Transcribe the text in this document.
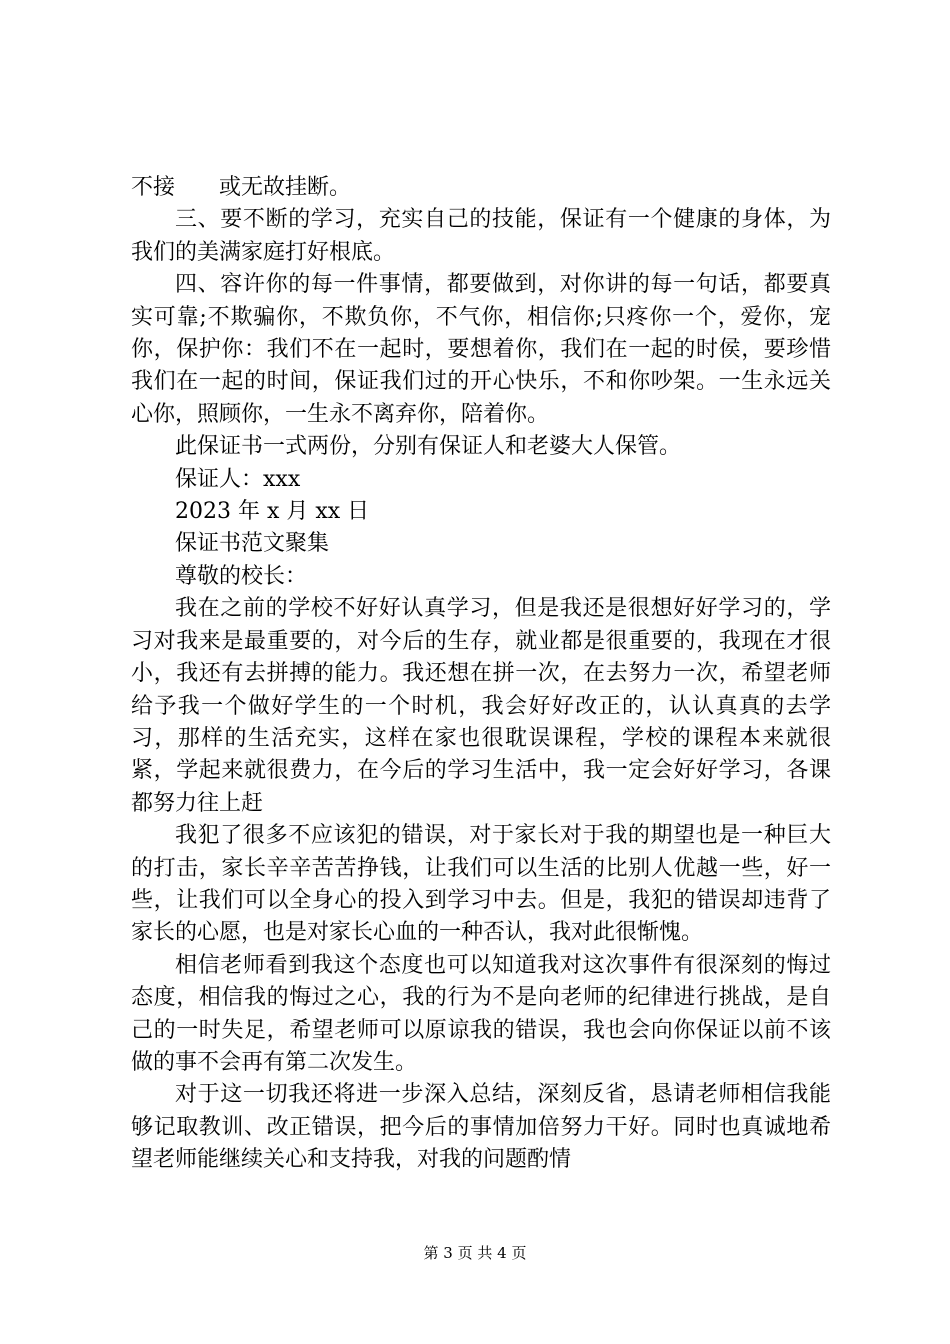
不接　　或无故挂断。

三、要不断的学习，充实自己的技能，保证有一个健康的身体，为我们的美满家庭打好根底。

四、容许你的每一件事情，都要做到，对你讲的每一句话，都要真实可靠;不欺骗你，不欺负你，不气你，相信你;只疼你一个，爱你，宠你，保护你：我们不在一起时，要想着你，我们在一起的时侯，要珍惜我们在一起的时间，保证我们过的开心快乐，不和你吵架。一生永远关心你，照顾你，一生永不离弃你，陪着你。

此保证书一式两份，分别有保证人和老婆大人保管。

保证人：xxx

2023 年 x 月 xx 日

保证书范文聚集

尊敬的校长：

我在之前的学校不好好认真学习，但是我还是很想好好学习的，学习对我来是最重要的，对今后的生存，就业都是很重要的，我现在才很小，我还有去拼搏的能力。我还想在拼一次，在去努力一次，希望老师给予我一个做好学生的一个时机，我会好好改正的，认认真真的去学习，那样的生活充实，这样在家也很耽误课程，学校的课程本来就很紧，学起来就很费力，在今后的学习生活中，我一定会好好学习，各课都努力往上赶

我犯了很多不应该犯的错误，对于家长对于我的期望也是一种巨大的打击，家长辛辛苦苦挣钱，让我们可以生活的比别人优越一些，好一些，让我们可以全身心的投入到学习中去。但是，我犯的错误却违背了家长的心愿，也是对家长心血的一种否认，我对此很惭愧。

相信老师看到我这个态度也可以知道我对这次事件有很深刻的悔过态度，相信我的悔过之心，我的行为不是向老师的纪律进行挑战，是自己的一时失足，希望老师可以原谅我的错误，我也会向你保证以前不该做的事不会再有第二次发生。

对于这一切我还将进一步深入总结，深刻反省，恳请老师相信我能够记取教训、改正错误，把今后的事情加倍努力干好。同时也真诚地希望老师能继续关心和支持我，对我的问题酌情

第 3 页 共 4 页
